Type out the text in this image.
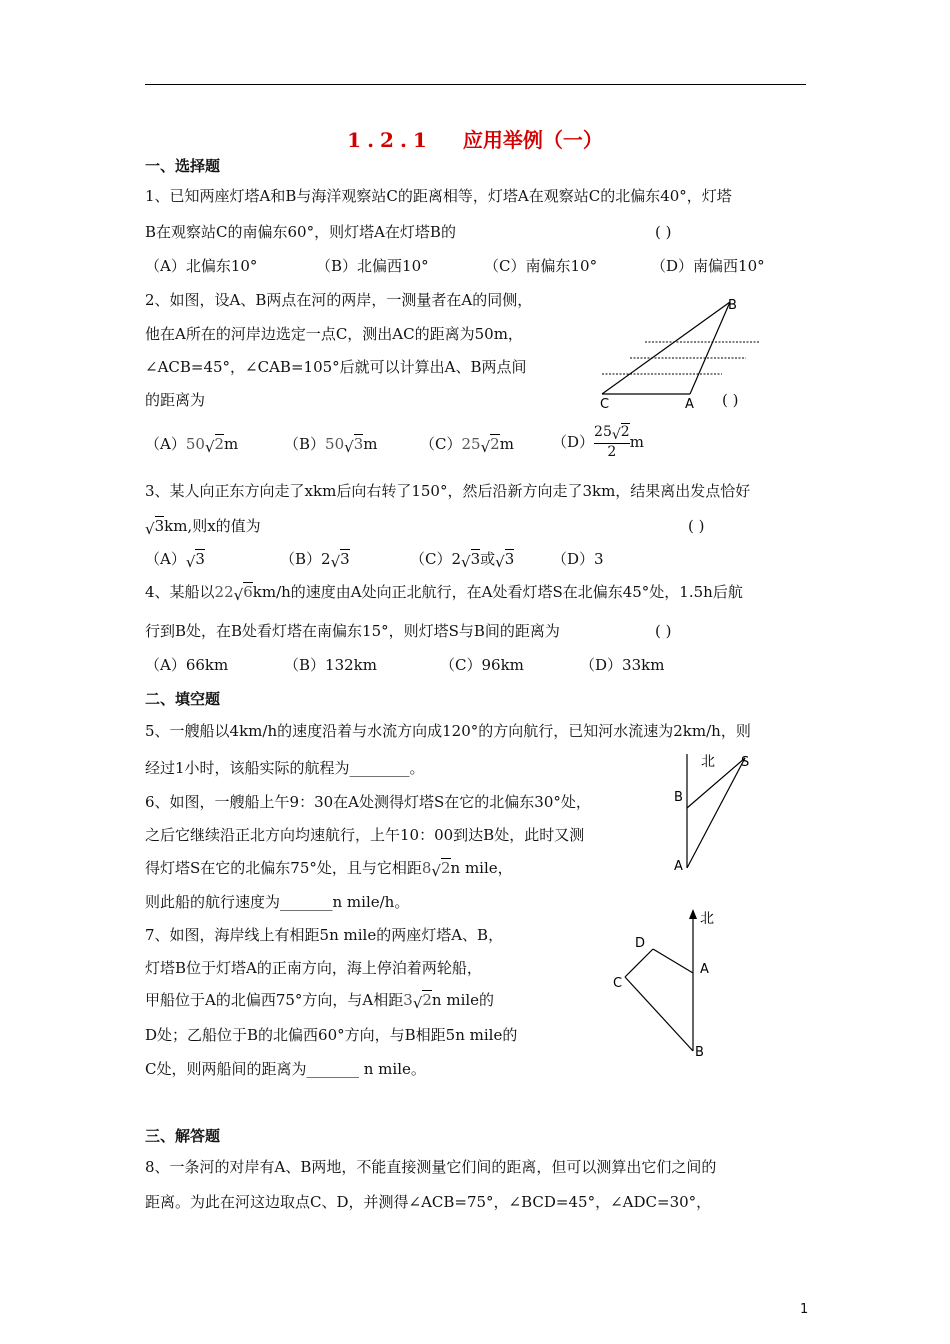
1.2.1 应用举例（一）
一、选择题
1、已知两座灯塔A和B与海洋观察站C的距离相等，灯塔A在观察站C的北偏东40°，灯塔
B在观察站C的南偏东60°，则灯塔A在灯塔B的	( )
（A）北偏东10°	（B）北偏西10°	（C）南偏东10°	（D）南偏西10°
2、如图，设A、B两点在河的两岸，一测量者在A的同侧，
他在A所在的河岸边选定一点C，测出AC的距离为50m，
∠ACB=45°，∠CAB=105°后就可以计算出A、B两点间
的距离为	( )
B
C	A
（A）50√2m	（B）50√3m	（C）25√2m	$(D)\frac{25√2}{2}$ m
3、某人向正东方向走了xkm后向右转了150°，然后沿新方向走了3km，结果离出发点恰好
√3km,则x的值为	( )
（A）√3	（B）2√3	（C）2√3或√3	（D）3
4、某船以22√6km/h的速度由A处向正北航行，在A处看灯塔S在北偏东45°处，1.5h后航
行到B处，在B处看灯塔在南偏东15°，则灯塔S与B间的距离为	( )
（A）66km	（B）132km	（C）96km	（D）33km
二、填空题
5、一艘船以4km/h的速度沿着与水流方向成120°的方向航行，已知河水流速为2km/h，则
经过1小时，该船实际的航程为________。	北 S
B
A
6、如图，一艘船上午9：30在A处测得灯塔S在它的北偏东30°处，
之后它继续沿正北方向均速航行，上午10：00到达B处，此时又测
得灯塔S在它的北偏东75°处，且与它相距8√2n mile，
则此船的航行速度为_______n mile/h。
北
D
A
C
B
7、如图，海岸线上有相距5n mile的两座灯塔A、B，
灯塔B位于灯塔A的正南方向，海上停泊着两轮船，
甲船位于A的北偏西75°方向，与A相距3√2n mile的
D处；乙船位于B的北偏西60°方向，与B相距5n mile的
C处，则两船间的距离为_______ n mile。
三、解答题
8、一条河的对岸有A、B两地，不能直接测量它们间的距离，但可以测算出它们之间的
距离。为此在河这边取点C、D，并测得∠ACB=75°，∠BCD=45°，∠ADC=30°，
1
